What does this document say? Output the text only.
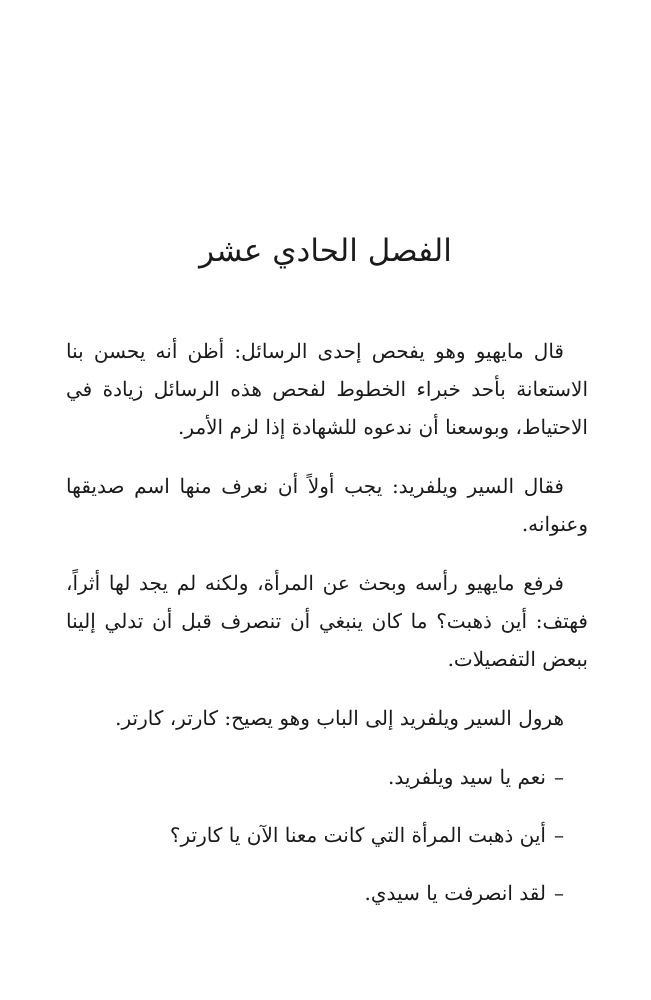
الفصل الحادي عشر

قال مايهيو وهو يفحص إحدى الرسائل: أظن أنه يحسن بنا الاستعانة بأحد خبراء الخطوط لفحص هذه الرسائل زيادة في الاحتياط، وبوسعنا أن ندعوه للشهادة إذا لزم الأمر.

فقال السير ويلفريد: يجب أولاً أن نعرف منها اسم صديقها وعنوانه.

فرفع مايهيو رأسه وبحث عن المرأة، ولكنه لم يجد لها أثراً، فهتف: أين ذهبت؟ ما كان ينبغي أن تنصرف قبل أن تدلي إلينا ببعض التفصيلات.

هرول السير ويلفريد إلى الباب وهو يصيح: كارتر، كارتر.

–نعم يا سيد ويلفريد.

–أين ذهبت المرأة التي كانت معنا الآن يا كارتر؟

–لقد انصرفت يا سيدي.
